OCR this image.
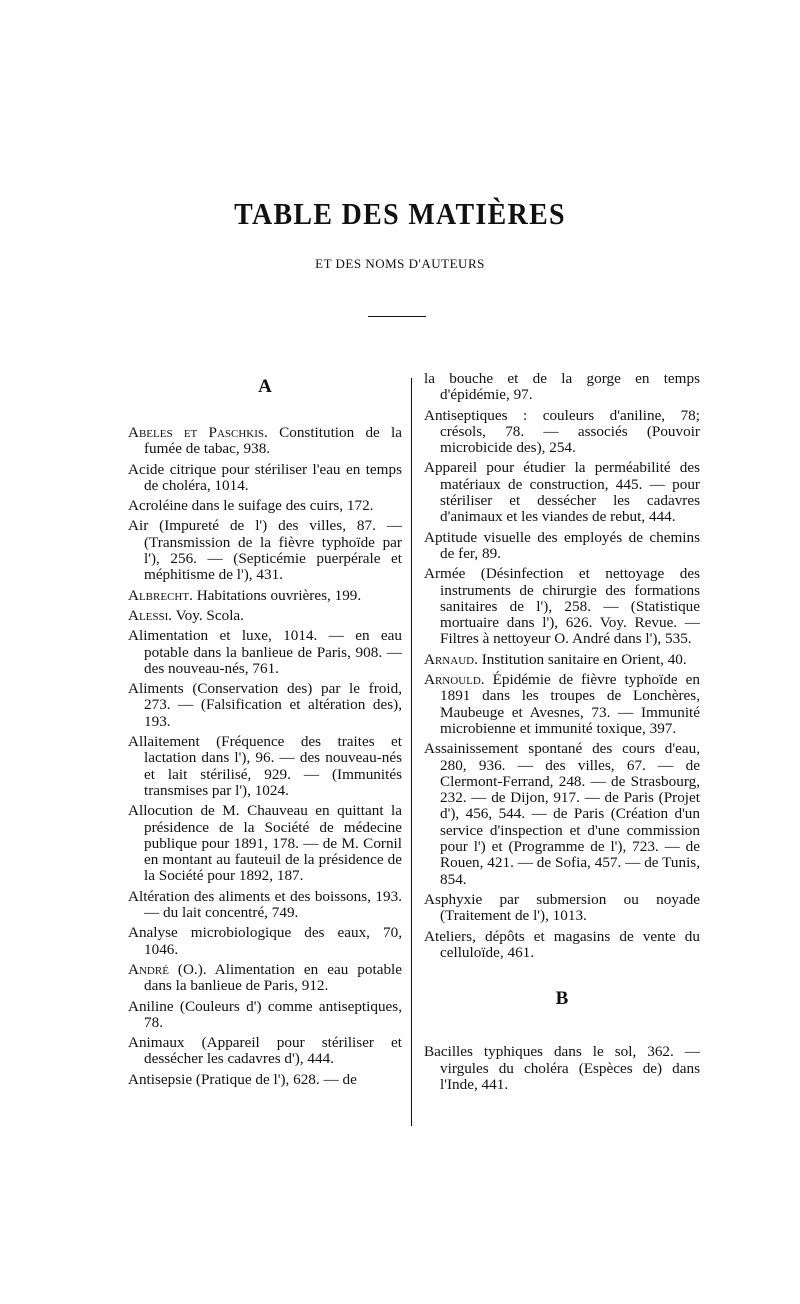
TABLE DES MATIÈRES
ET DES NOMS D'AUTEURS
A

Abeles et Paschkis. Constitution de la fumée de tabac, 938.

Acide citrique pour stériliser l'eau en temps de choléra, 1014.

Acroléine dans le suifage des cuirs, 172.

Air (Impureté de l') des villes, 87. — (Transmission de la fièvre typhoïde par l'), 256. — (Septicémie puerpérale et méphitisme de l'), 431.

Albrecht. Habitations ouvrières, 199.

Alessi. Voy. Scola.

Alimentation et luxe, 1014. — en eau potable dans la banlieue de Paris, 908. — des nouveau-nés, 761.

Aliments (Conservation des) par le froid, 273. — (Falsification et altération des), 193.

Allaitement (Fréquence des traites et lactation dans l'), 96. — des nouveau-nés et lait stérilisé, 929. — (Immunités transmises par l'), 1024.

Allocution de M. Chauveau en quittant la présidence de la Société de médecine publique pour 1891, 178. — de M. Cornil en montant au fauteuil de la présidence de la Société pour 1892, 187.

Altération des aliments et des boissons, 193. — du lait concentré, 749.

Analyse microbiologique des eaux, 70, 1046.

André (O.). Alimentation en eau potable dans la banlieue de Paris, 912.

Aniline (Couleurs d') comme antiseptiques, 78.

Animaux (Appareil pour stériliser et dessécher les cadavres d'), 444.

Antisepsie (Pratique de l'), 628. — de

la bouche et de la gorge en temps d'épidémie, 97.

Antiseptiques : couleurs d'aniline, 78; crésols, 78. — associés (Pouvoir microbicide des), 254.

Appareil pour étudier la perméabilité des matériaux de construction, 445. — pour stériliser et dessécher les cadavres d'animaux et les viandes de rebut, 444.

Aptitude visuelle des employés de chemins de fer, 89.

Armée (Désinfection et nettoyage des instruments de chirurgie des formations sanitaires de l'), 258. — (Statistique mortuaire dans l'), 626. Voy. Revue. — Filtres à nettoyeur O. André dans l'), 535.

Arnaud. Institution sanitaire en Orient, 40.

Arnould. Épidémie de fièvre typhoïde en 1891 dans les troupes de Lonchères, Maubeuge et Avesnes, 73. — Immunité microbienne et immunité toxique, 397.

Assainissement spontané des cours d'eau, 280, 936. — des villes, 67. — de Clermont-Ferrand, 248. — de Strasbourg, 232. — de Dijon, 917. — de Paris (Projet d'), 456, 544. — de Paris (Création d'un service d'inspection et d'une commission pour l') et (Programme de l'), 723. — de Rouen, 421. — de Sofia, 457. — de Tunis, 854.

Asphyxie par submersion ou noyade (Traitement de l'), 1013.

Ateliers, dépôts et magasins de vente du celluloïde, 461.

B

Bacilles typhiques dans le sol, 362. — virgules du choléra (Espèces de) dans l'Inde, 441.
